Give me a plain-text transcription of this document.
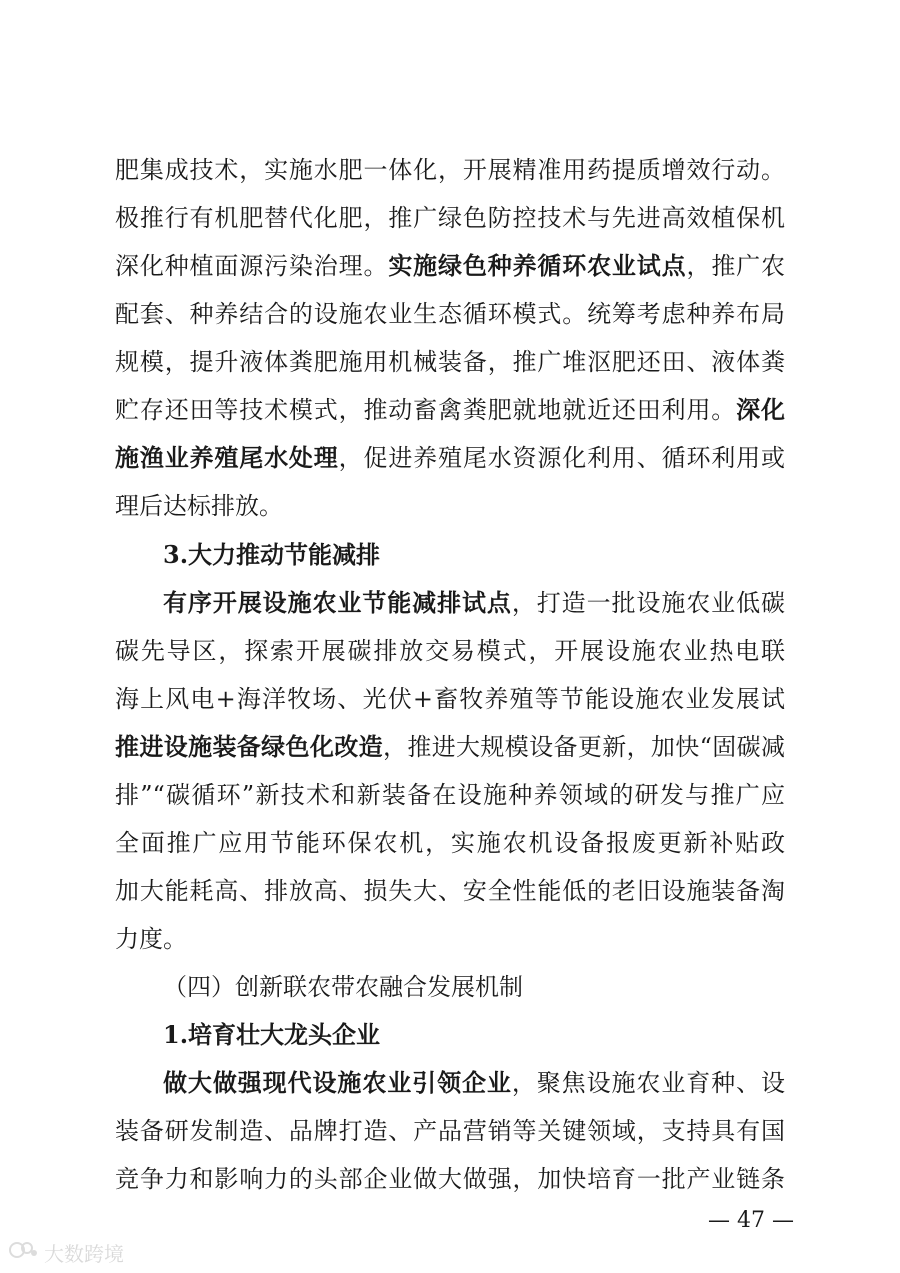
肥集成技术，实施水肥一体化，开展精准用药提质增效行动。
极推行有机肥替代化肥，推广绿色防控技术与先进高效植保机
深化种植面源污染治理。实施绿色种养循环农业试点，推广农
配套、种养结合的设施农业生态循环模式。统筹考虑种养布局
规模，提升液体粪肥施用机械装备，推广堆沤肥还田、液体粪
贮存还田等技术模式，推动畜禽粪肥就地就近还田利用。深化
施渔业养殖尾水处理，促进养殖尾水资源化利用、循环利用或
理后达标排放。
3.大力推动节能减排
有序开展设施农业节能减排试点，打造一批设施农业低碳
碳先导区，探索开展碳排放交易模式，开展设施农业热电联
海上风电+海洋牧场、光伏+畜牧养殖等节能设施农业发展试
推进设施装备绿色化改造，推进大规模设备更新，加快“固碳减
排”“碳循环”新技术和新装备在设施种养领域的研发与推广应
全面推广应用节能环保农机，实施农机设备报废更新补贴政
加大能耗高、排放高、损失大、安全性能低的老旧设施装备淘
力度。
（四）创新联农带农融合发展机制
1.培育壮大龙头企业
做大做强现代设施农业引领企业，聚焦设施农业育种、设
装备研发制造、品牌打造、产品营销等关键领域，支持具有国
竞争力和影响力的头部企业做大做强，加快培育一批产业链条
— 47 —
大数跨境
